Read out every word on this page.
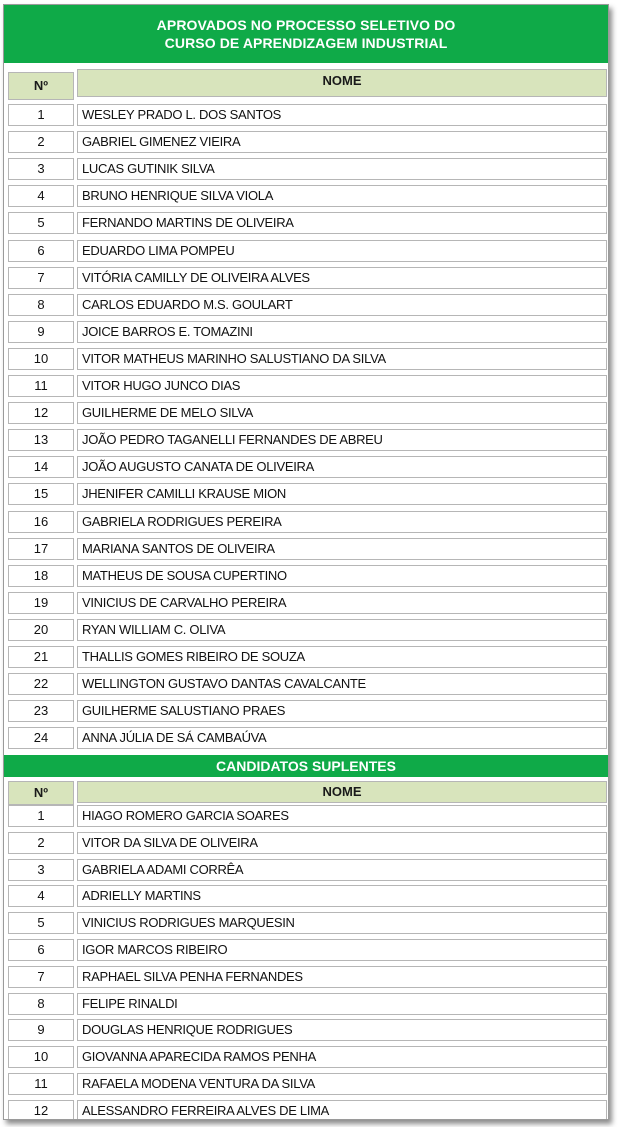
APROVADOS NO PROCESSO SELETIVO DO
CURSO DE APRENDIZAGEM INDUSTRIAL
Nº	NOME
1	WESLEY PRADO L. DOS SANTOS
2	GABRIEL GIMENEZ VIEIRA
3	LUCAS GUTINIK SILVA
4	BRUNO HENRIQUE SILVA VIOLA
5	FERNANDO MARTINS DE OLIVEIRA
6	EDUARDO LIMA POMPEU
7	VITÓRIA CAMILLY DE OLIVEIRA ALVES
8	CARLOS EDUARDO M.S. GOULART
9	JOICE BARROS E. TOMAZINI
10	VITOR MATHEUS MARINHO SALUSTIANO DA SILVA
11	VITOR HUGO JUNCO DIAS
12	GUILHERME DE MELO SILVA
13	JOÃO PEDRO TAGANELLI FERNANDES DE ABREU
14	JOÃO AUGUSTO CANATA DE OLIVEIRA
15	JHENIFER CAMILLI KRAUSE MION
16	GABRIELA RODRIGUES PEREIRA
17	MARIANA SANTOS DE OLIVEIRA
18	MATHEUS DE SOUSA CUPERTINO
19	VINICIUS DE CARVALHO PEREIRA
20	RYAN WILLIAM C. OLIVA
21	THALLIS GOMES RIBEIRO DE SOUZA
22	WELLINGTON GUSTAVO DANTAS CAVALCANTE
23	GUILHERME SALUSTIANO PRAES
24	ANNA JÚLIA DE SÁ CAMBAÚVA
CANDIDATOS SUPLENTES
Nº	NOME
1	HIAGO ROMERO GARCIA SOARES
2	VITOR DA SILVA DE OLIVEIRA
3	GABRIELA ADAMI CORRÊA
4	ADRIELLY MARTINS
5	VINICIUS RODRIGUES MARQUESIN
6	IGOR MARCOS RIBEIRO
7	RAPHAEL SILVA PENHA FERNANDES
8	FELIPE RINALDI
9	DOUGLAS HENRIQUE RODRIGUES
10	GIOVANNA APARECIDA RAMOS PENHA
11	RAFAELA MODENA VENTURA DA SILVA
12	ALESSANDRO FERREIRA ALVES DE LIMA
